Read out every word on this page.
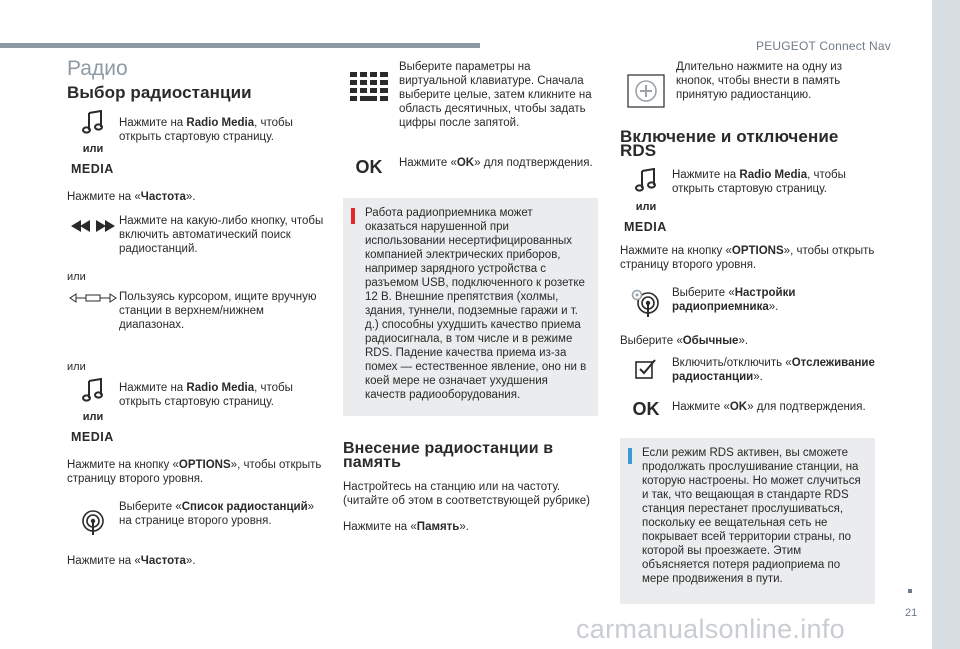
PEUGEOT Connect Nav
21
carmanualsonline.info
Радио
Выбор радиостанции
или

Нажмите на Radio Media, чтобы открыть стартовую страницу.

MEDIA

Нажмите на «Частота».

Нажмите на какую-либо кнопку, чтобы включить автоматический поиск радиостанций.

или

Пользуясь курсором, ищите вручную станции в верхнем/нижнем диапазонах.

или
или

Нажмите на Radio Media, чтобы открыть стартовую страницу.

MEDIA

Нажмите на кнопку «OPTIONS», чтобы открыть страницу второго уровня.

Выберите «Список радиостанций» на странице второго уровня.

Нажмите на «Частота».

Выберите параметры на виртуальной клавиатуре. Сначала выберите целые, затем кликните на область десятичных, чтобы задать цифры после запятой.

OK Нажмите «OK» для подтверждения.

Работа радиоприемника может оказаться нарушенной при использовании несертифицированных компанией электрических приборов, например зарядного устройства с разъемом USB, подключенного к розетке 12 В. Внешние препятствия (холмы, здания, туннели, подземные гаражи и т. д.) способны ухудшить качество приема радиосигнала, в том числе и в режиме RDS. Падение качества приема из-за помех — естественное явление, оно ни в коей мере не означает ухудшения качеств радиооборудования.

Внесение радиостанции в память

Настройтесь на станцию или на частоту. (читайте об этом в соответствующей рубрике)

Нажмите на «Память».

Длительно нажмите на одну из кнопок, чтобы внести в память принятую радиостанцию.

Включение и отключение RDS
или

Нажмите на Radio Media, чтобы открыть стартовую страницу.

MEDIA

Нажмите на кнопку «OPTIONS», чтобы открыть страницу второго уровня.

Выберите «Настройки радиоприемника».

Выберите «Обычные».

Включить/отключить «Отслеживание радиостанции».

OK Нажмите «OK» для подтверждения.

Если режим RDS активен, вы сможете продолжать прослушивание станции, на которую настроены. Но может случиться и так, что вещающая в стандарте RDS станция перестанет прослушиваться, поскольку ее вещательная сеть не покрывает всей территории страны, по которой вы проезжаете. Этим объясняется потеря радиоприема по мере продвижения в пути.
